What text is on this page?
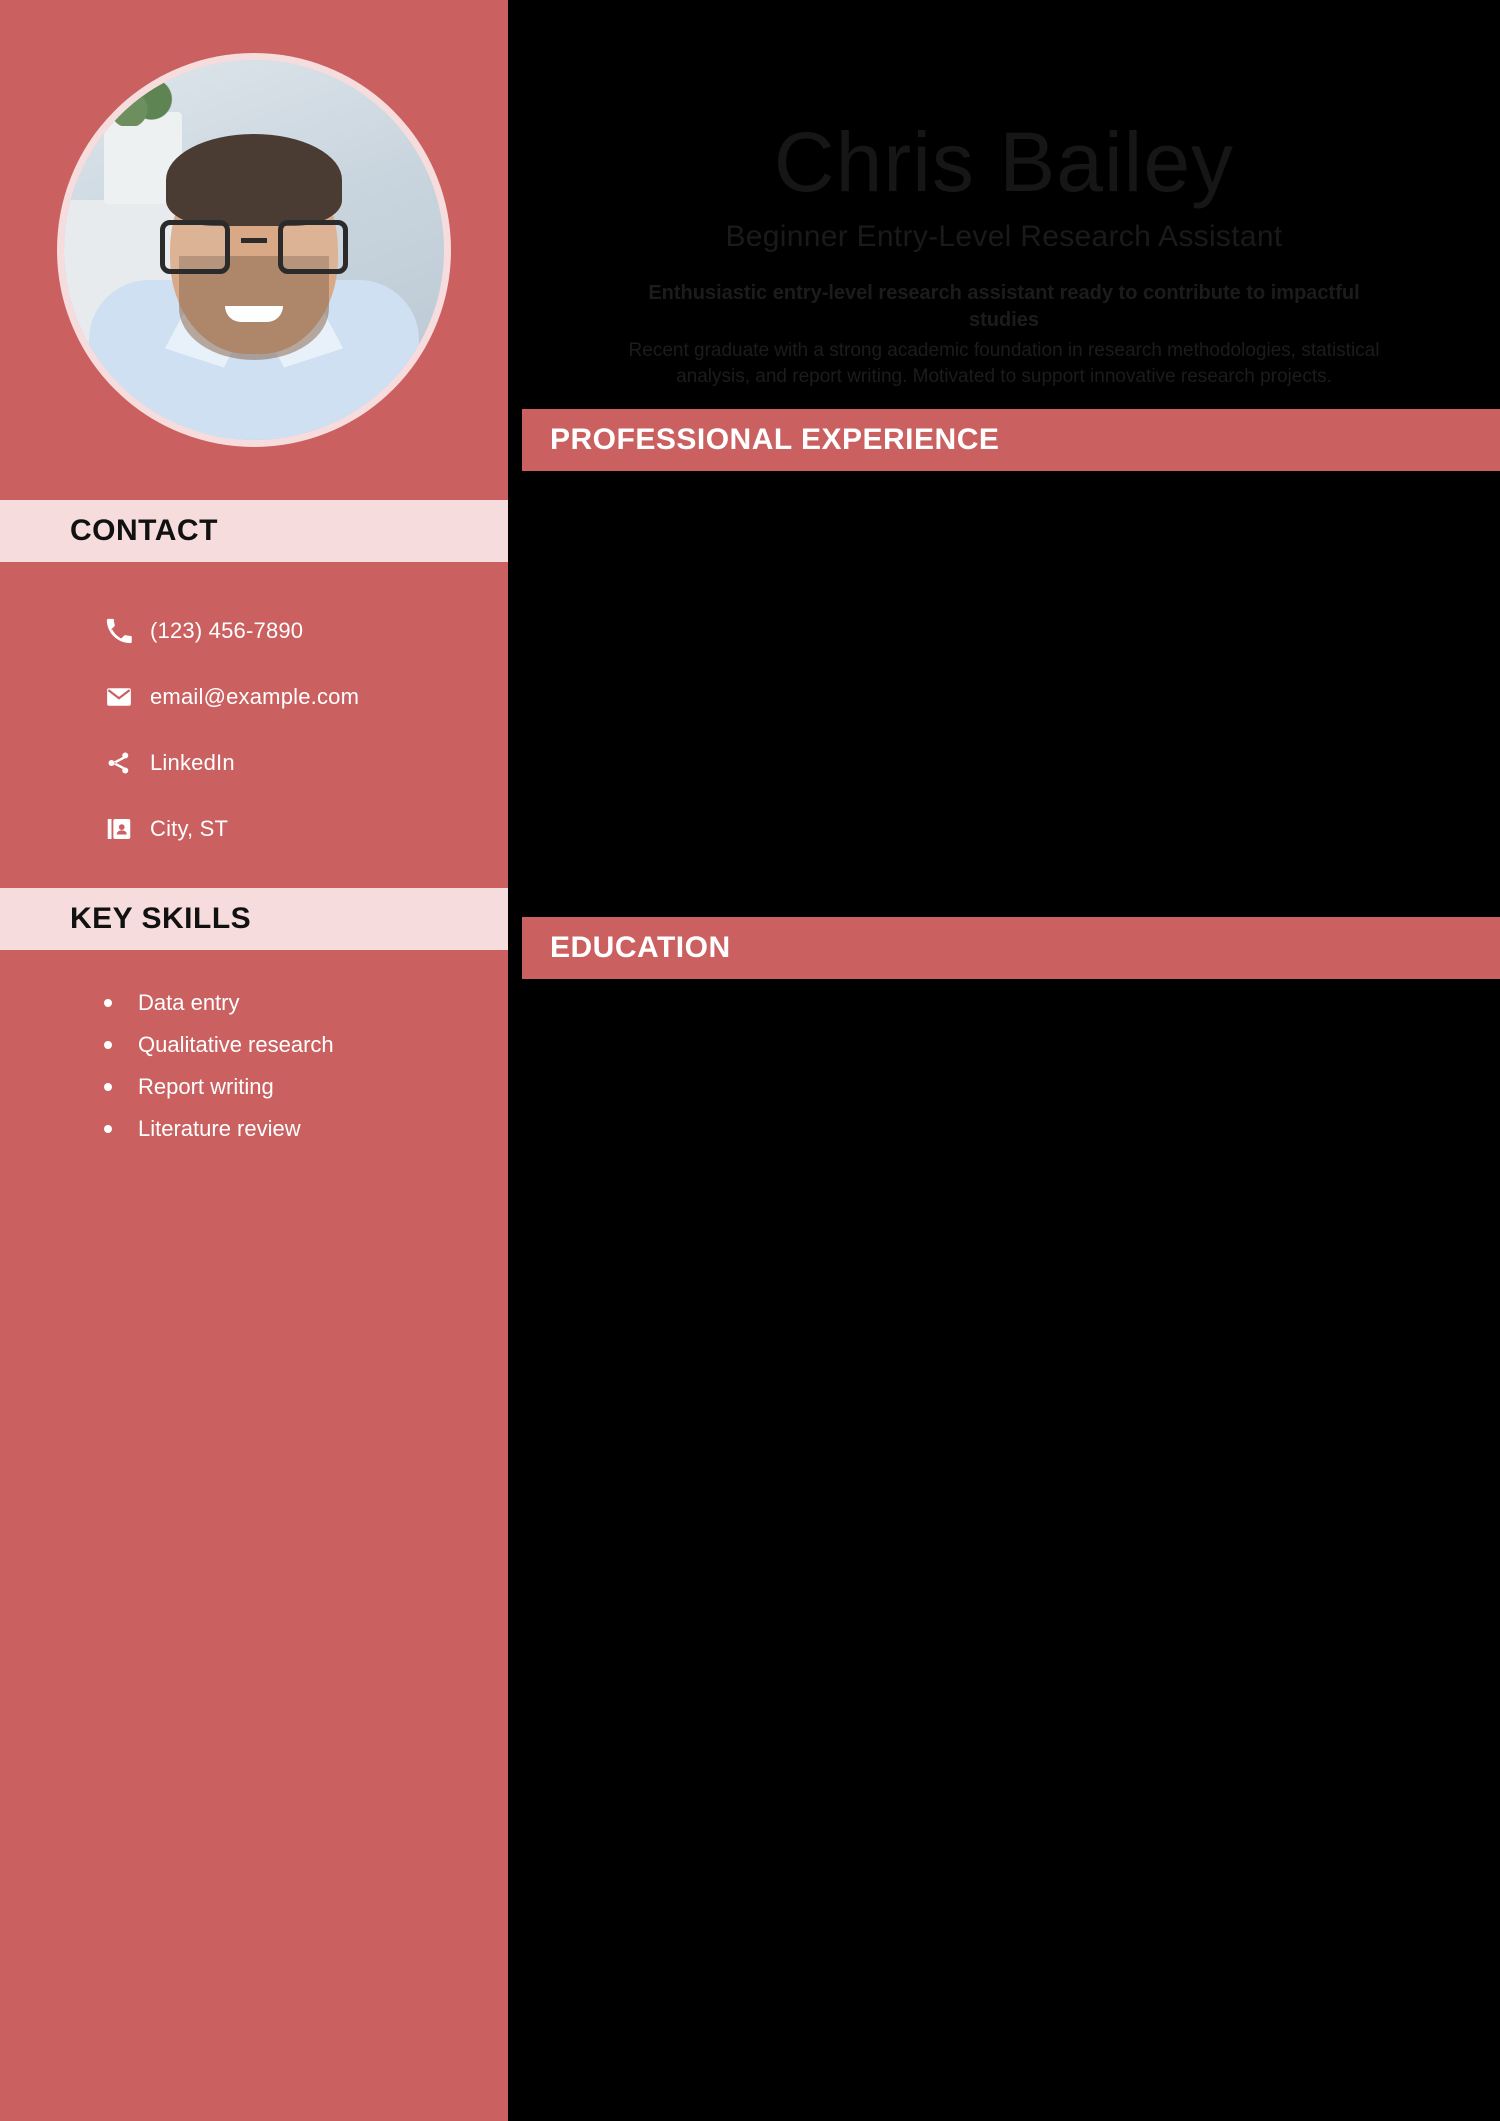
CONTACT
(123) 456-7890
email@example.com
LinkedIn
City, ST
KEY SKILLS
Data entry
Qualitative research
Report writing
Literature review
Chris Bailey
Beginner Entry-Level Research Assistant
Enthusiastic entry-level research assistant ready to contribute to impactful studies
Recent graduate with a strong academic foundation in research methodologies, statistical analysis, and report writing. Motivated to support innovative research projects.
PROFESSIONAL EXPERIENCE
EDUCATION
